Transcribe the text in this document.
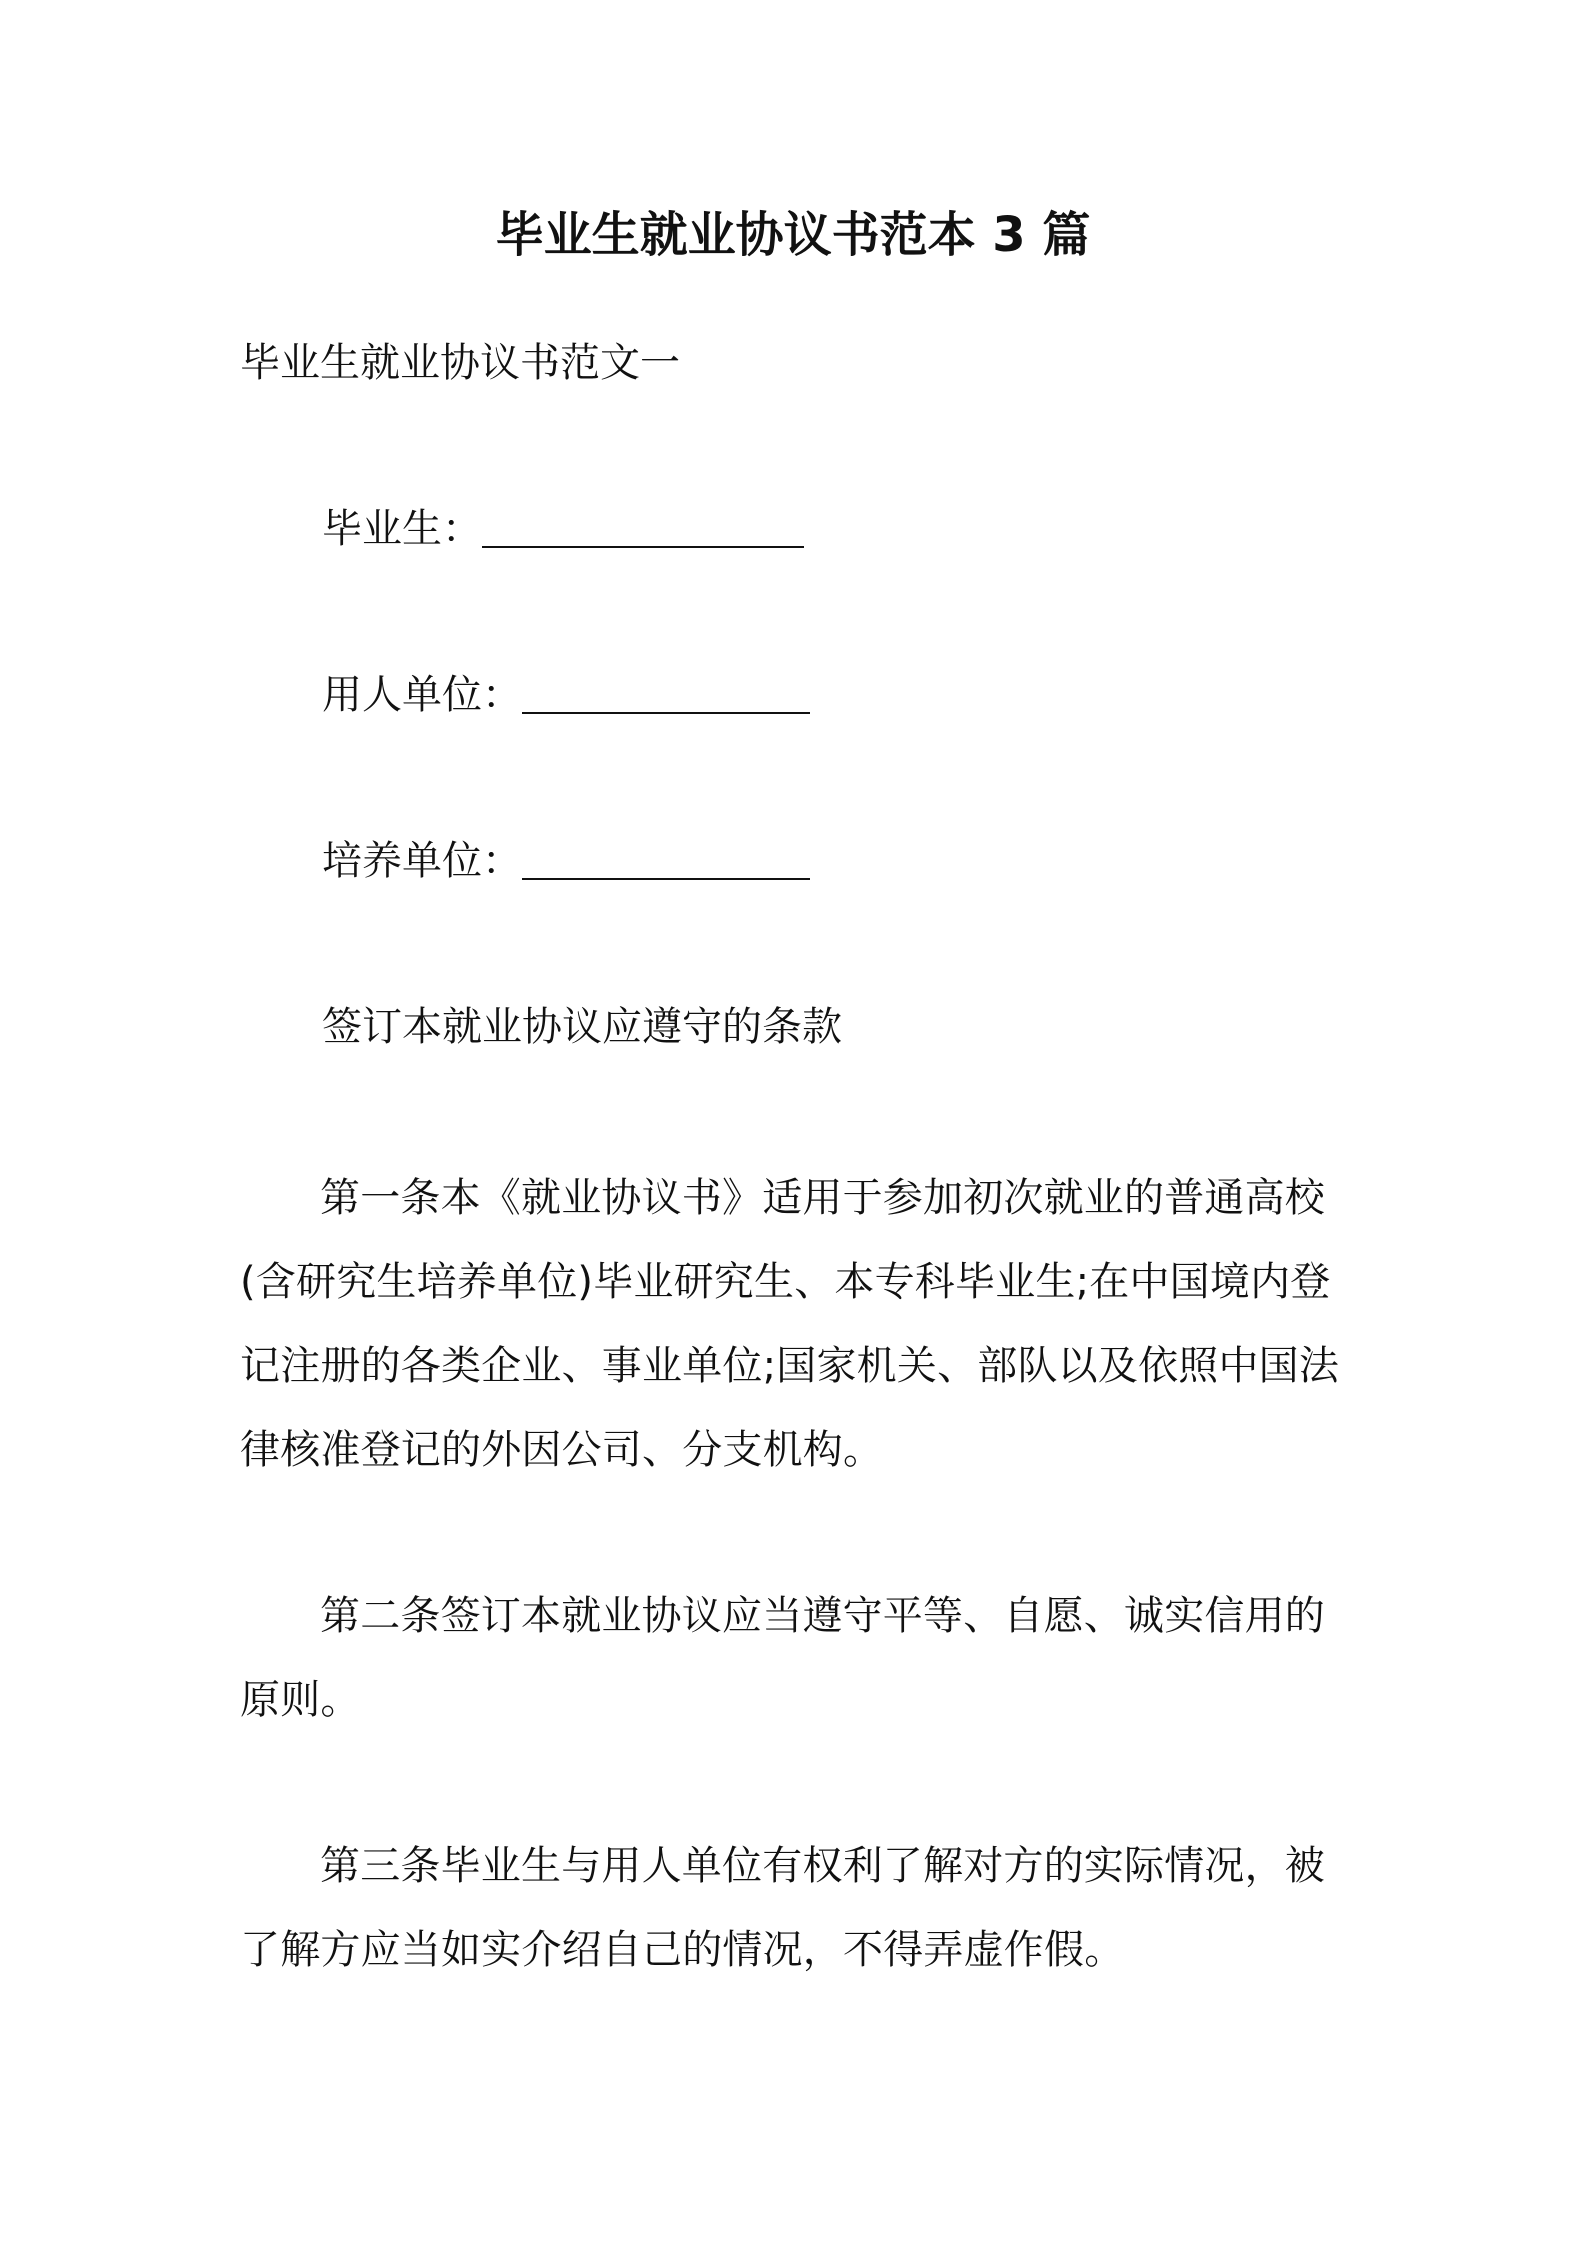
毕业生就业协议书范本 3 篇

毕业生就业协议书范文一

毕业生：

用人单位：

培养单位：

签订本就业协议应遵守的条款

第一条本《就业协议书》适用于参加初次就业的普通高校(含研究生培养单位)毕业研究生、本专科毕业生;在中国境内登记注册的各类企业、事业单位;国家机关、部队以及依照中国法律核准登记的外因公司、分支机构。

第二条签订本就业协议应当遵守平等、自愿、诚实信用的原则。

第三条毕业生与用人单位有权利了解对方的实际情况，被了解方应当如实介绍自己的情况，不得弄虚作假。
